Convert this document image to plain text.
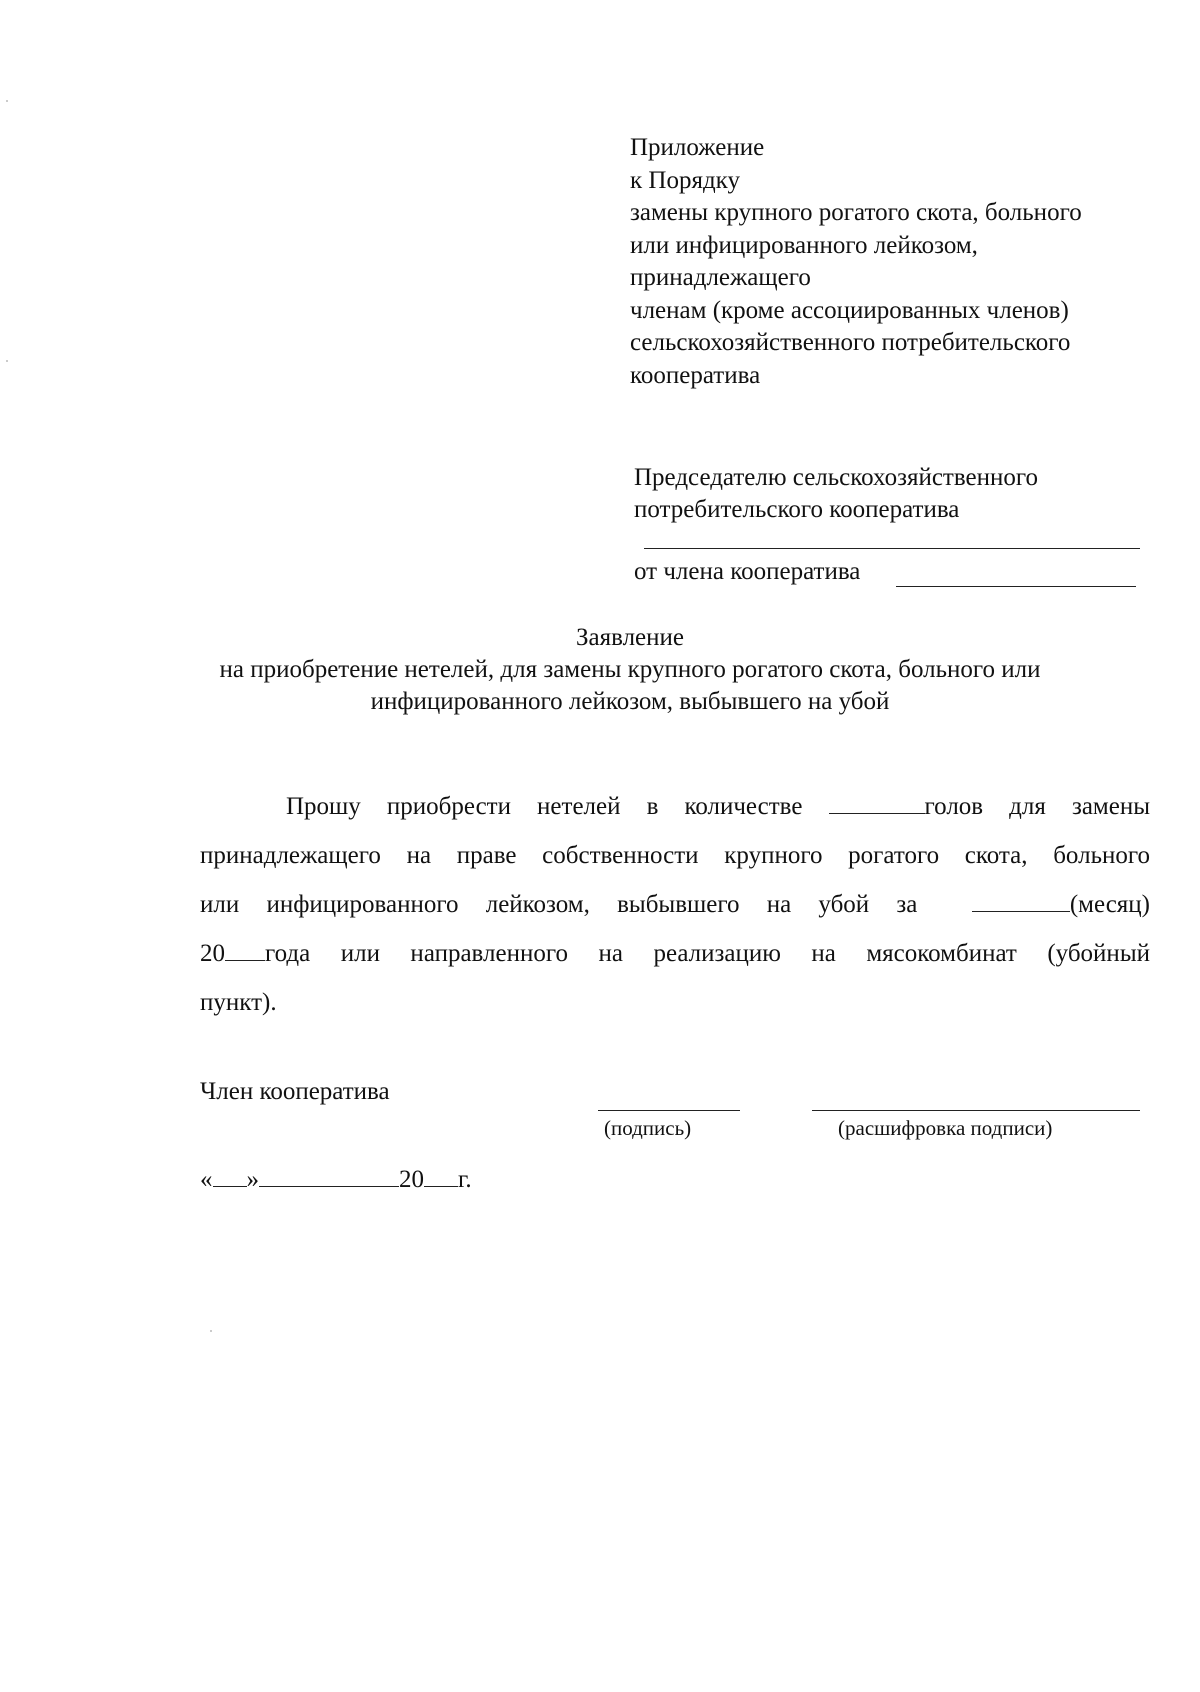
Приложение
к Порядку
замены крупного рогатого скота, больного
или инфицированного лейкозом,
принадлежащего
членам (кроме ассоциированных членов)
сельскохозяйственного потребительского
кооператива
Председателю сельскохозяйственного
потребительского кооператива
от члена кооператива
Заявление
на приобретение нетелей, для замены крупного рогатого скота, больного или
инфицированного лейкозом, выбывшего на убой
Прошу приобрести нетелей в количестве	голов для замены
принадлежащего на праве собственности крупного рогатого скота, больного
или инфицированного лейкозом, выбывшего на убой за	(месяц)
20 года или направленного на реализацию на мясокомбинат (убойный
пункт).
Член кооператива
(подпись)	(расшифровка подписи)
« »	20 г.
